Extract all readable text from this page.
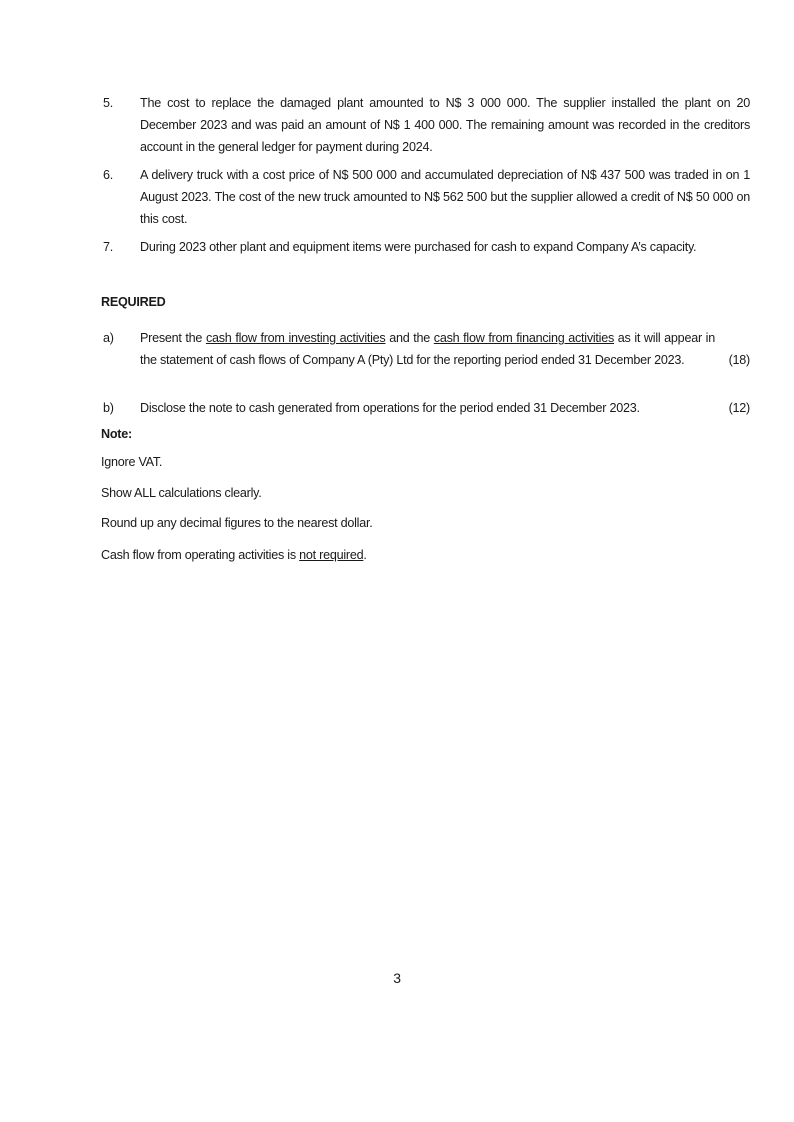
5. The cost to replace the damaged plant amounted to N$ 3 000 000. The supplier installed the plant on 20 December 2023 and was paid an amount of N$ 1 400 000. The remaining amount was recorded in the creditors account in the general ledger for payment during 2024.
6. A delivery truck with a cost price of N$ 500 000 and accumulated depreciation of N$ 437 500 was traded in on 1 August 2023. The cost of the new truck amounted to N$ 562 500 but the supplier allowed a credit of N$ 50 000 on this cost.
7. During 2023 other plant and equipment items were purchased for cash to expand Company A’s capacity.
REQUIRED
a) Present the cash flow from investing activities and the cash flow from financing activities as it will appear in the statement of cash flows of Company A (Pty) Ltd for the reporting period ended 31 December 2023.	(18)
b) Disclose the note to cash generated from operations for the period ended 31 December 2023.	(12)
Note:
Ignore VAT.
Show ALL calculations clearly.
Round up any decimal figures to the nearest dollar.
Cash flow from operating activities is not required.
3
